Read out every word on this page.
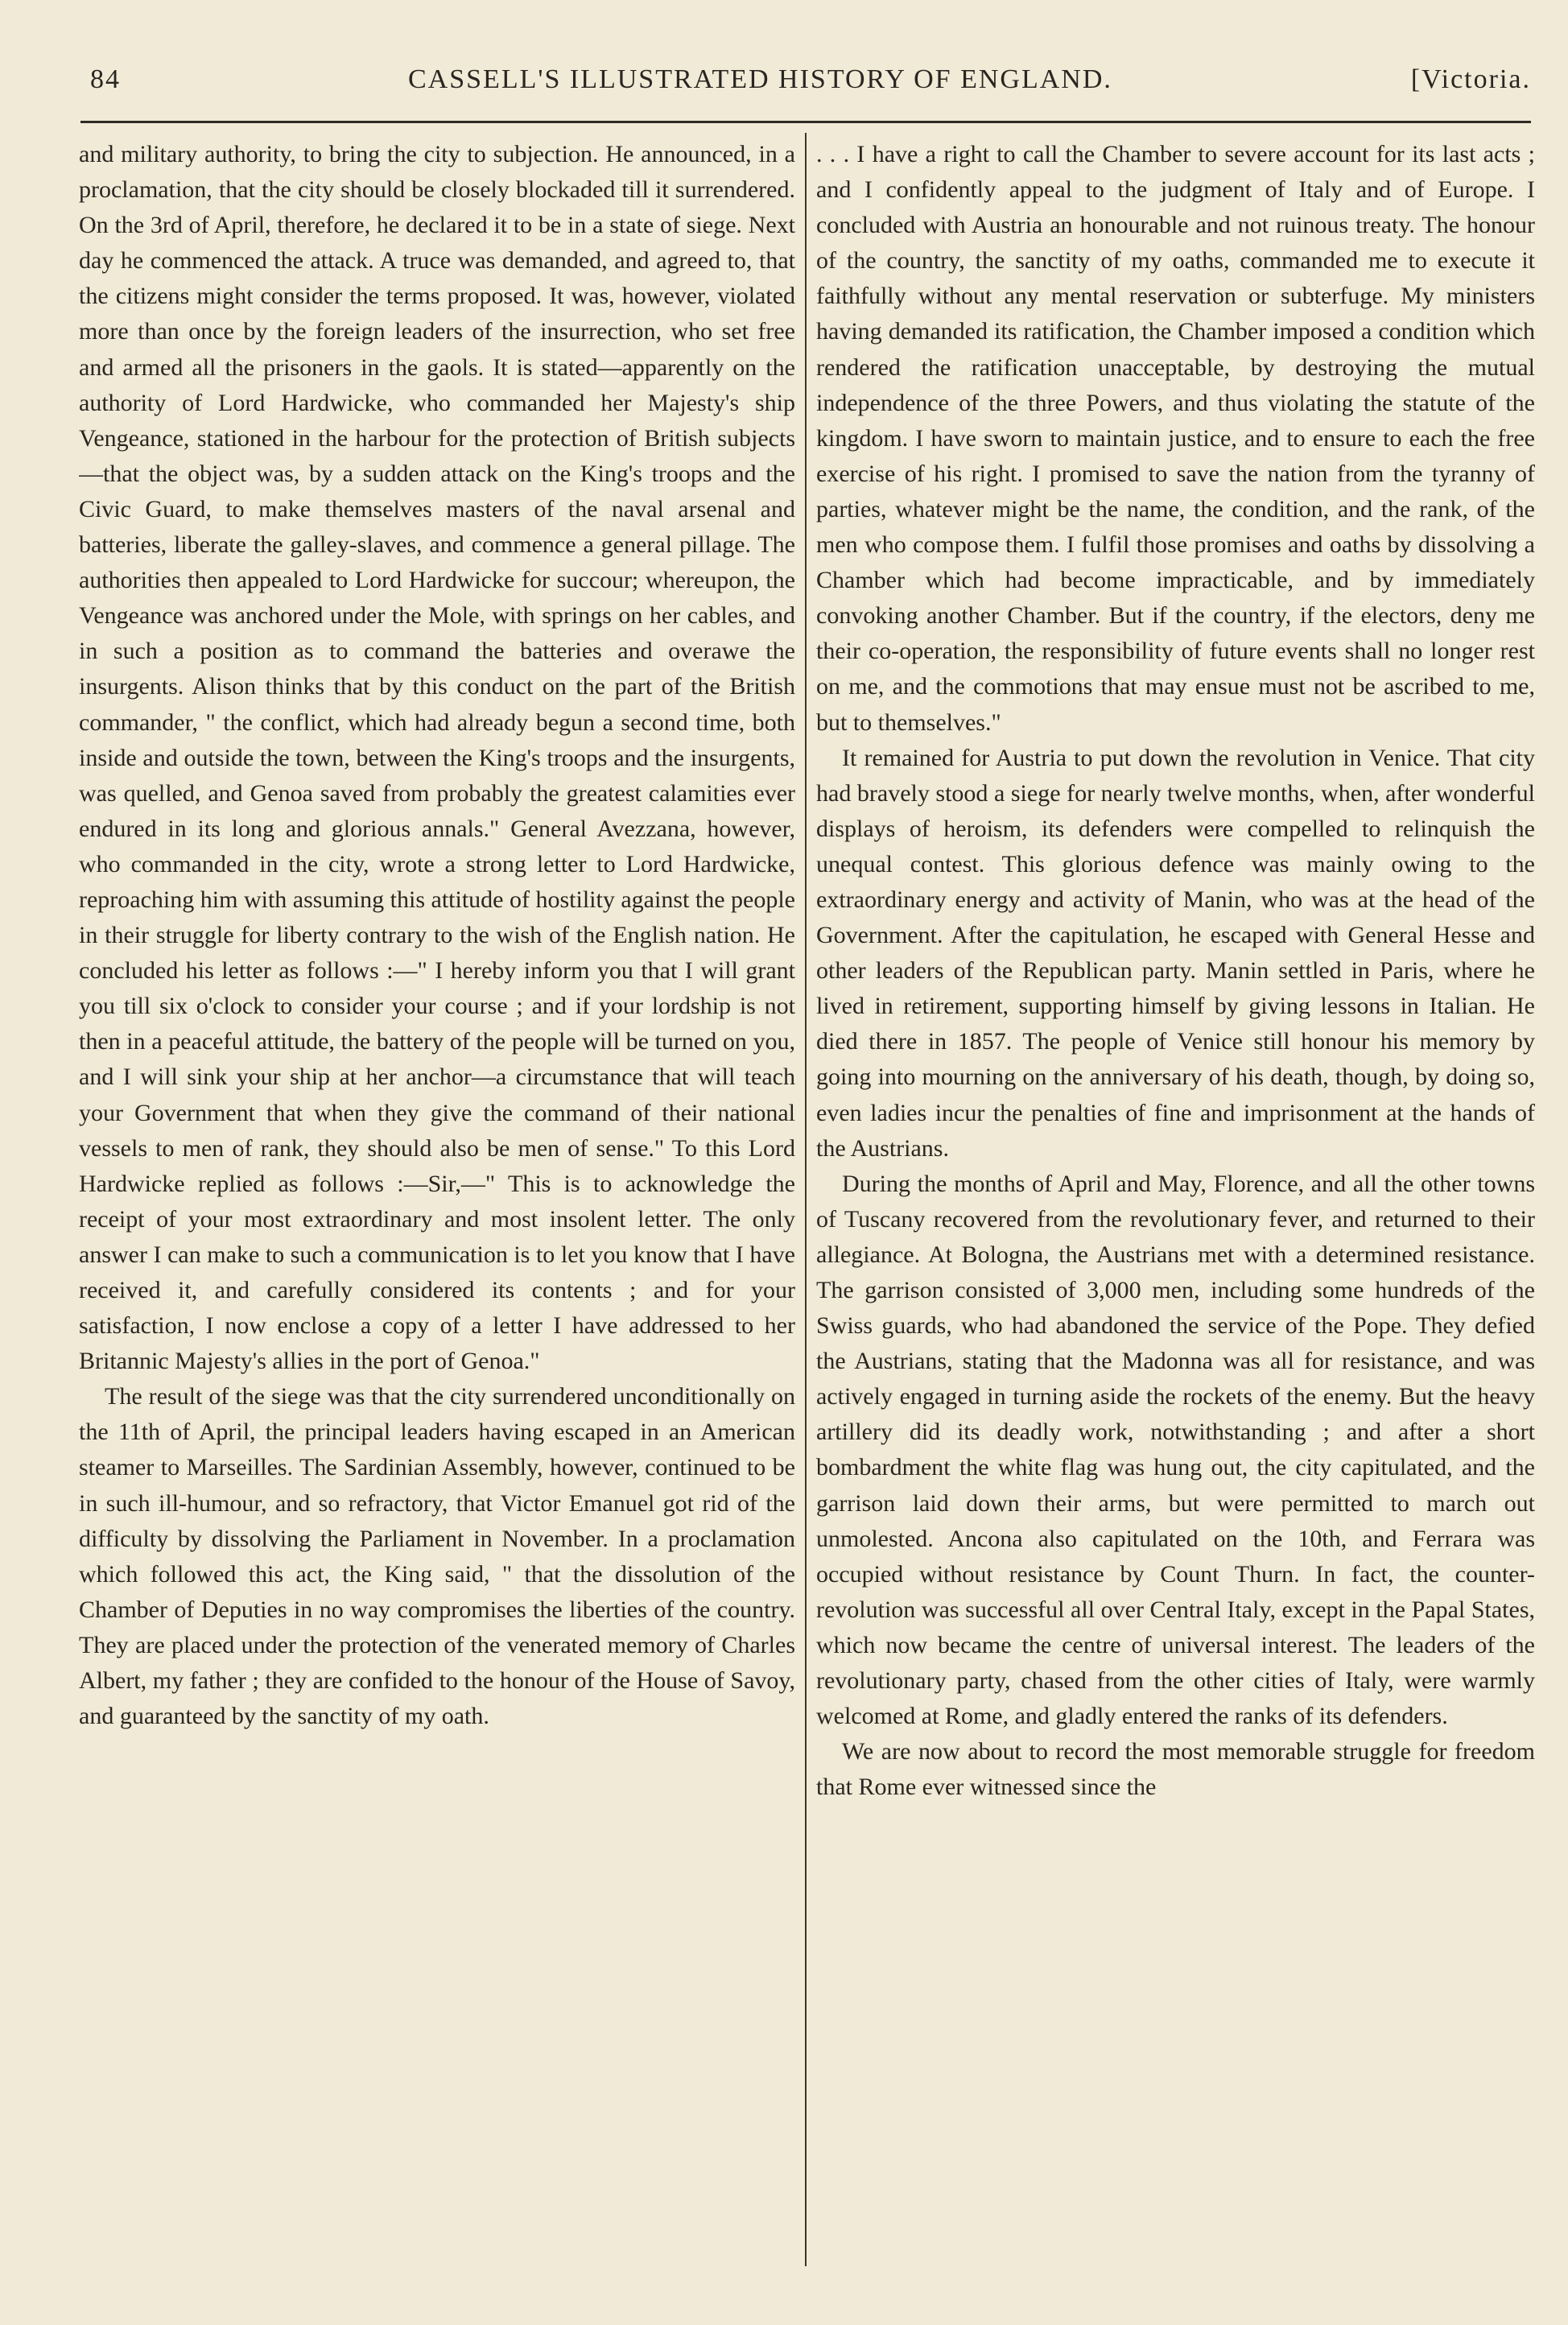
84	CASSELL'S ILLUSTRATED HISTORY OF ENGLAND.	[Victoria.

and military authority, to bring the city to subjection. He announced, in a proclamation, that the city should be closely blockaded till it surrendered. On the 3rd of April, therefore, he declared it to be in a state of siege. Next day he commenced the attack. A truce was demanded, and agreed to, that the citizens might consider the terms proposed. It was, however, violated more than once by the foreign leaders of the insurrection, who set free and armed all the prisoners in the gaols. It is stated—apparently on the authority of Lord Hardwicke, who commanded her Majesty's ship Vengeance, stationed in the harbour for the protection of British subjects—that the object was, by a sudden attack on the King's troops and the Civic Guard, to make themselves masters of the naval arsenal and batteries, liberate the galley-slaves, and commence a general pillage. The authorities then appealed to Lord Hardwicke for succour; whereupon, the Vengeance was anchored under the Mole, with springs on her cables, and in such a position as to command the batteries and overawe the insurgents. Alison thinks that by this conduct on the part of the British commander, " the conflict, which had already begun a second time, both inside and outside the town, between the King's troops and the insurgents, was quelled, and Genoa saved from probably the greatest calamities ever endured in its long and glorious annals." General Avezzana, however, who commanded in the city, wrote a strong letter to Lord Hardwicke, reproaching him with assuming this attitude of hostility against the people in their struggle for liberty contrary to the wish of the English nation. He concluded his letter as follows :—" I hereby inform you that I will grant you till six o'clock to consider your course ; and if your lordship is not then in a peaceful attitude, the battery of the people will be turned on you, and I will sink your ship at her anchor—a circumstance that will teach your Government that when they give the command of their national vessels to men of rank, they should also be men of sense." To this Lord Hardwicke replied as follows :—Sir,—" This is to acknowledge the receipt of your most extraordinary and most insolent letter. The only answer I can make to such a communication is to let you know that I have received it, and carefully considered its contents ; and for your satisfaction, I now enclose a copy of a letter I have addressed to her Britannic Majesty's allies in the port of Genoa."

The result of the siege was that the city surrendered unconditionally on the 11th of April, the principal leaders having escaped in an American steamer to Marseilles. The Sardinian Assembly, however, continued to be in such ill-humour, and so refractory, that Victor Emanuel got rid of the difficulty by dissolving the Parliament in November. In a proclamation which followed this act, the King said, " that the dissolution of the Chamber of Deputies in no way compromises the liberties of the country. They are placed under the protection of the venerated memory of Charles Albert, my father ; they are confided to the honour of the House of Savoy, and guaranteed by the sanctity of my oath.

. . . I have a right to call the Chamber to severe account for its last acts ; and I confidently appeal to the judgment of Italy and of Europe. I concluded with Austria an honourable and not ruinous treaty. The honour of the country, the sanctity of my oaths, commanded me to execute it faithfully without any mental reservation or subterfuge. My ministers having demanded its ratification, the Chamber imposed a condition which rendered the ratification unacceptable, by destroying the mutual independence of the three Powers, and thus violating the statute of the kingdom. I have sworn to maintain justice, and to ensure to each the free exercise of his right. I promised to save the nation from the tyranny of parties, whatever might be the name, the condition, and the rank, of the men who compose them. I fulfil those promises and oaths by dissolving a Chamber which had become impracticable, and by immediately convoking another Chamber. But if the country, if the electors, deny me their co-operation, the responsibility of future events shall no longer rest on me, and the commotions that may ensue must not be ascribed to me, but to themselves."

It remained for Austria to put down the revolution in Venice. That city had bravely stood a siege for nearly twelve months, when, after wonderful displays of heroism, its defenders were compelled to relinquish the unequal contest. This glorious defence was mainly owing to the extraordinary energy and activity of Manin, who was at the head of the Government. After the capitulation, he escaped with General Hesse and other leaders of the Republican party. Manin settled in Paris, where he lived in retirement, supporting himself by giving lessons in Italian. He died there in 1857. The people of Venice still honour his memory by going into mourning on the anniversary of his death, though, by doing so, even ladies incur the penalties of fine and imprisonment at the hands of the Austrians.

During the months of April and May, Florence, and all the other towns of Tuscany recovered from the revolutionary fever, and returned to their allegiance. At Bologna, the Austrians met with a determined resistance. The garrison consisted of 3,000 men, including some hundreds of the Swiss guards, who had abandoned the service of the Pope. They defied the Austrians, stating that the Madonna was all for resistance, and was actively engaged in turning aside the rockets of the enemy. But the heavy artillery did its deadly work, notwithstanding ; and after a short bombardment the white flag was hung out, the city capitulated, and the garrison laid down their arms, but were permitted to march out unmolested. Ancona also capitulated on the 10th, and Ferrara was occupied without resistance by Count Thurn. In fact, the counter-revolution was successful all over Central Italy, except in the Papal States, which now became the centre of universal interest. The leaders of the revolutionary party, chased from the other cities of Italy, were warmly welcomed at Rome, and gladly entered the ranks of its defenders.

We are now about to record the most memorable struggle for freedom that Rome ever witnessed since the
